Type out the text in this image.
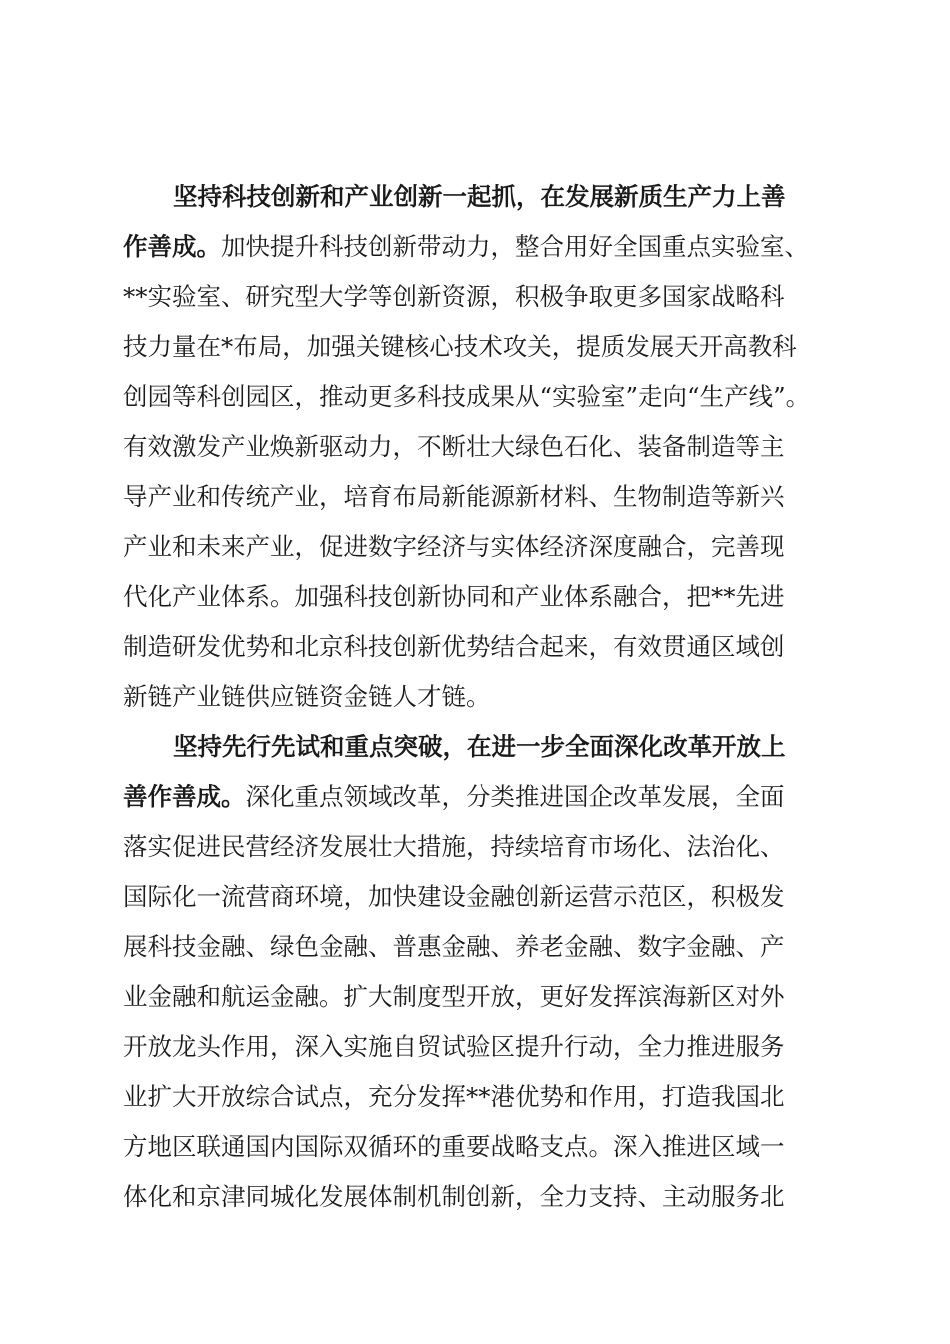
坚持科技创新和产业创新一起抓，在发展新质生产力上善
作善成。加快提升科技创新带动力，整合用好全国重点实验室、
**实验室、研究型大学等创新资源，积极争取更多国家战略科
技力量在*布局，加强关键核心技术攻关，提质发展天开高教科
创园等科创园区，推动更多科技成果从“实验室”走向“生产线”。
有效激发产业焕新驱动力，不断壮大绿色石化、装备制造等主
导产业和传统产业，培育布局新能源新材料、生物制造等新兴
产业和未来产业，促进数字经济与实体经济深度融合，完善现
代化产业体系。加强科技创新协同和产业体系融合，把**先进
制造研发优势和北京科技创新优势结合起来，有效贯通区域创
新链产业链供应链资金链人才链。
坚持先行先试和重点突破，在进一步全面深化改革开放上
善作善成。深化重点领域改革，分类推进国企改革发展，全面
落实促进民营经济发展壮大措施，持续培育市场化、法治化、
国际化一流营商环境，加快建设金融创新运营示范区，积极发
展科技金融、绿色金融、普惠金融、养老金融、数字金融、产
业金融和航运金融。扩大制度型开放，更好发挥滨海新区对外
开放龙头作用，深入实施自贸试验区提升行动，全力推进服务
业扩大开放综合试点，充分发挥**港优势和作用，打造我国北
方地区联通国内国际双循环的重要战略支点。深入推进区域一
体化和京津同城化发展体制机制创新，全力支持、主动服务北
